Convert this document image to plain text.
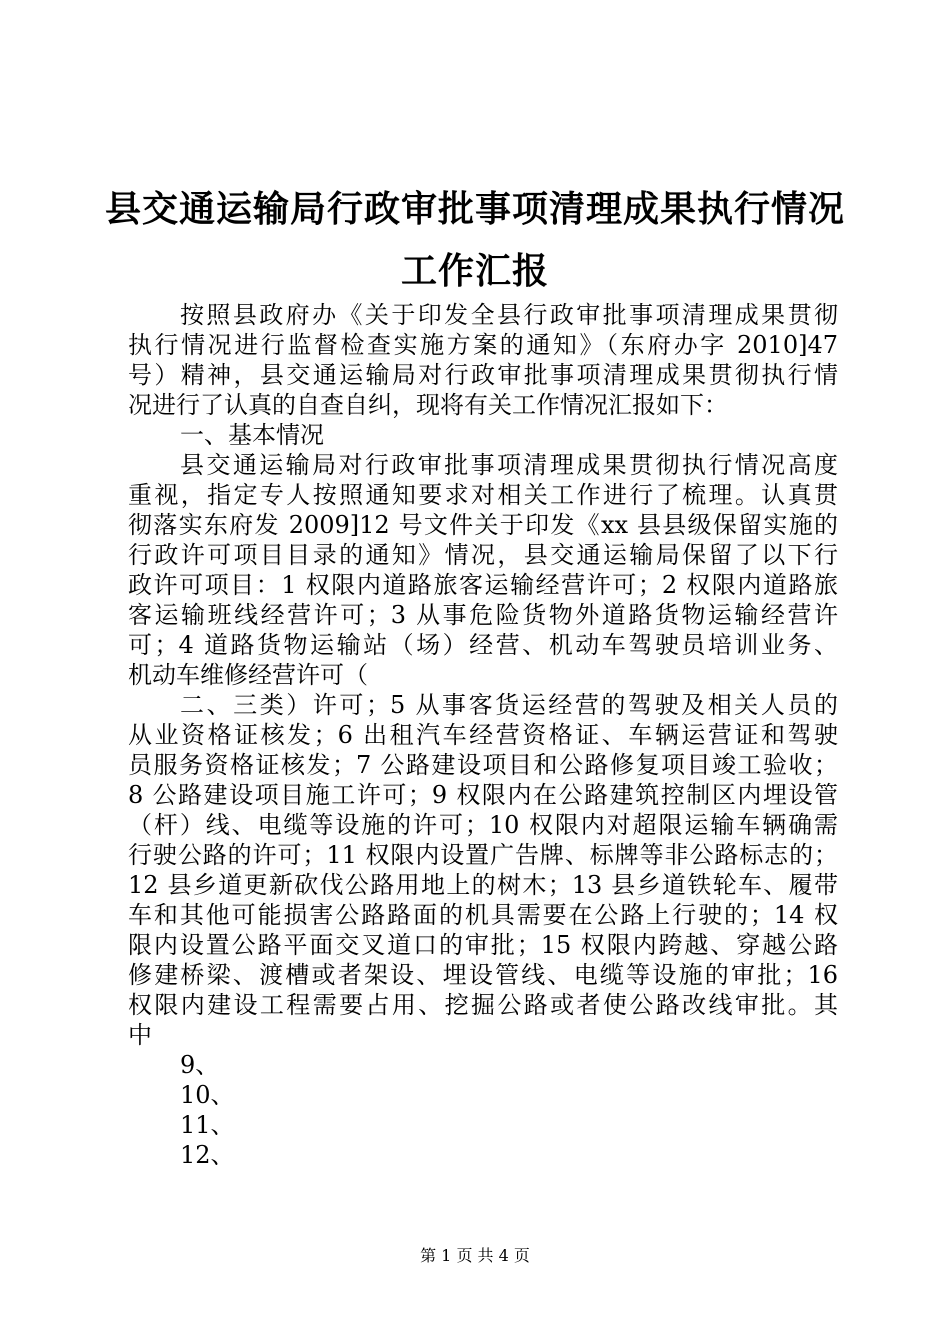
县交通运输局行政审批事项清理成果执行情况
工作汇报
按照县政府办《关于印发全县行政审批事项清理成果贯彻
执行情况进行监督检查实施方案的通知》（东府办字 2010]47
号）精神，县交通运输局对行政审批事项清理成果贯彻执行情
况进行了认真的自查自纠，现将有关工作情况汇报如下：
一、基本情况
县交通运输局对行政审批事项清理成果贯彻执行情况高度
重视，指定专人按照通知要求对相关工作进行了梳理。认真贯
彻落实东府发 2009]12 号文件关于印发《xx 县县级保留实施的
行政许可项目目录的通知》情况，县交通运输局保留了以下行
政许可项目：1 权限内道路旅客运输经营许可；2 权限内道路旅
客运输班线经营许可；3 从事危险货物外道路货物运输经营许
可；4 道路货物运输站（场）经营、机动车驾驶员培训业务、
机动车维修经营许可（
二、三类）许可；5 从事客货运经营的驾驶及相关人员的
从业资格证核发；6 出租汽车经营资格证、车辆运营证和驾驶
员服务资格证核发；7 公路建设项目和公路修复项目竣工验收；
8 公路建设项目施工许可；9 权限内在公路建筑控制区内埋设管
（杆）线、电缆等设施的许可；10 权限内对超限运输车辆确需
行驶公路的许可；11 权限内设置广告牌、标牌等非公路标志的；
12 县乡道更新砍伐公路用地上的树木；13 县乡道铁轮车、履带
车和其他可能损害公路路面的机具需要在公路上行驶的；14 权
限内设置公路平面交叉道口的审批；15 权限内跨越、穿越公路
修建桥梁、渡槽或者架设、埋设管线、电缆等设施的审批；16
权限内建设工程需要占用、挖掘公路或者使公路改线审批。其
中
9、
10、
11、
12、
第 1 页 共 4 页
